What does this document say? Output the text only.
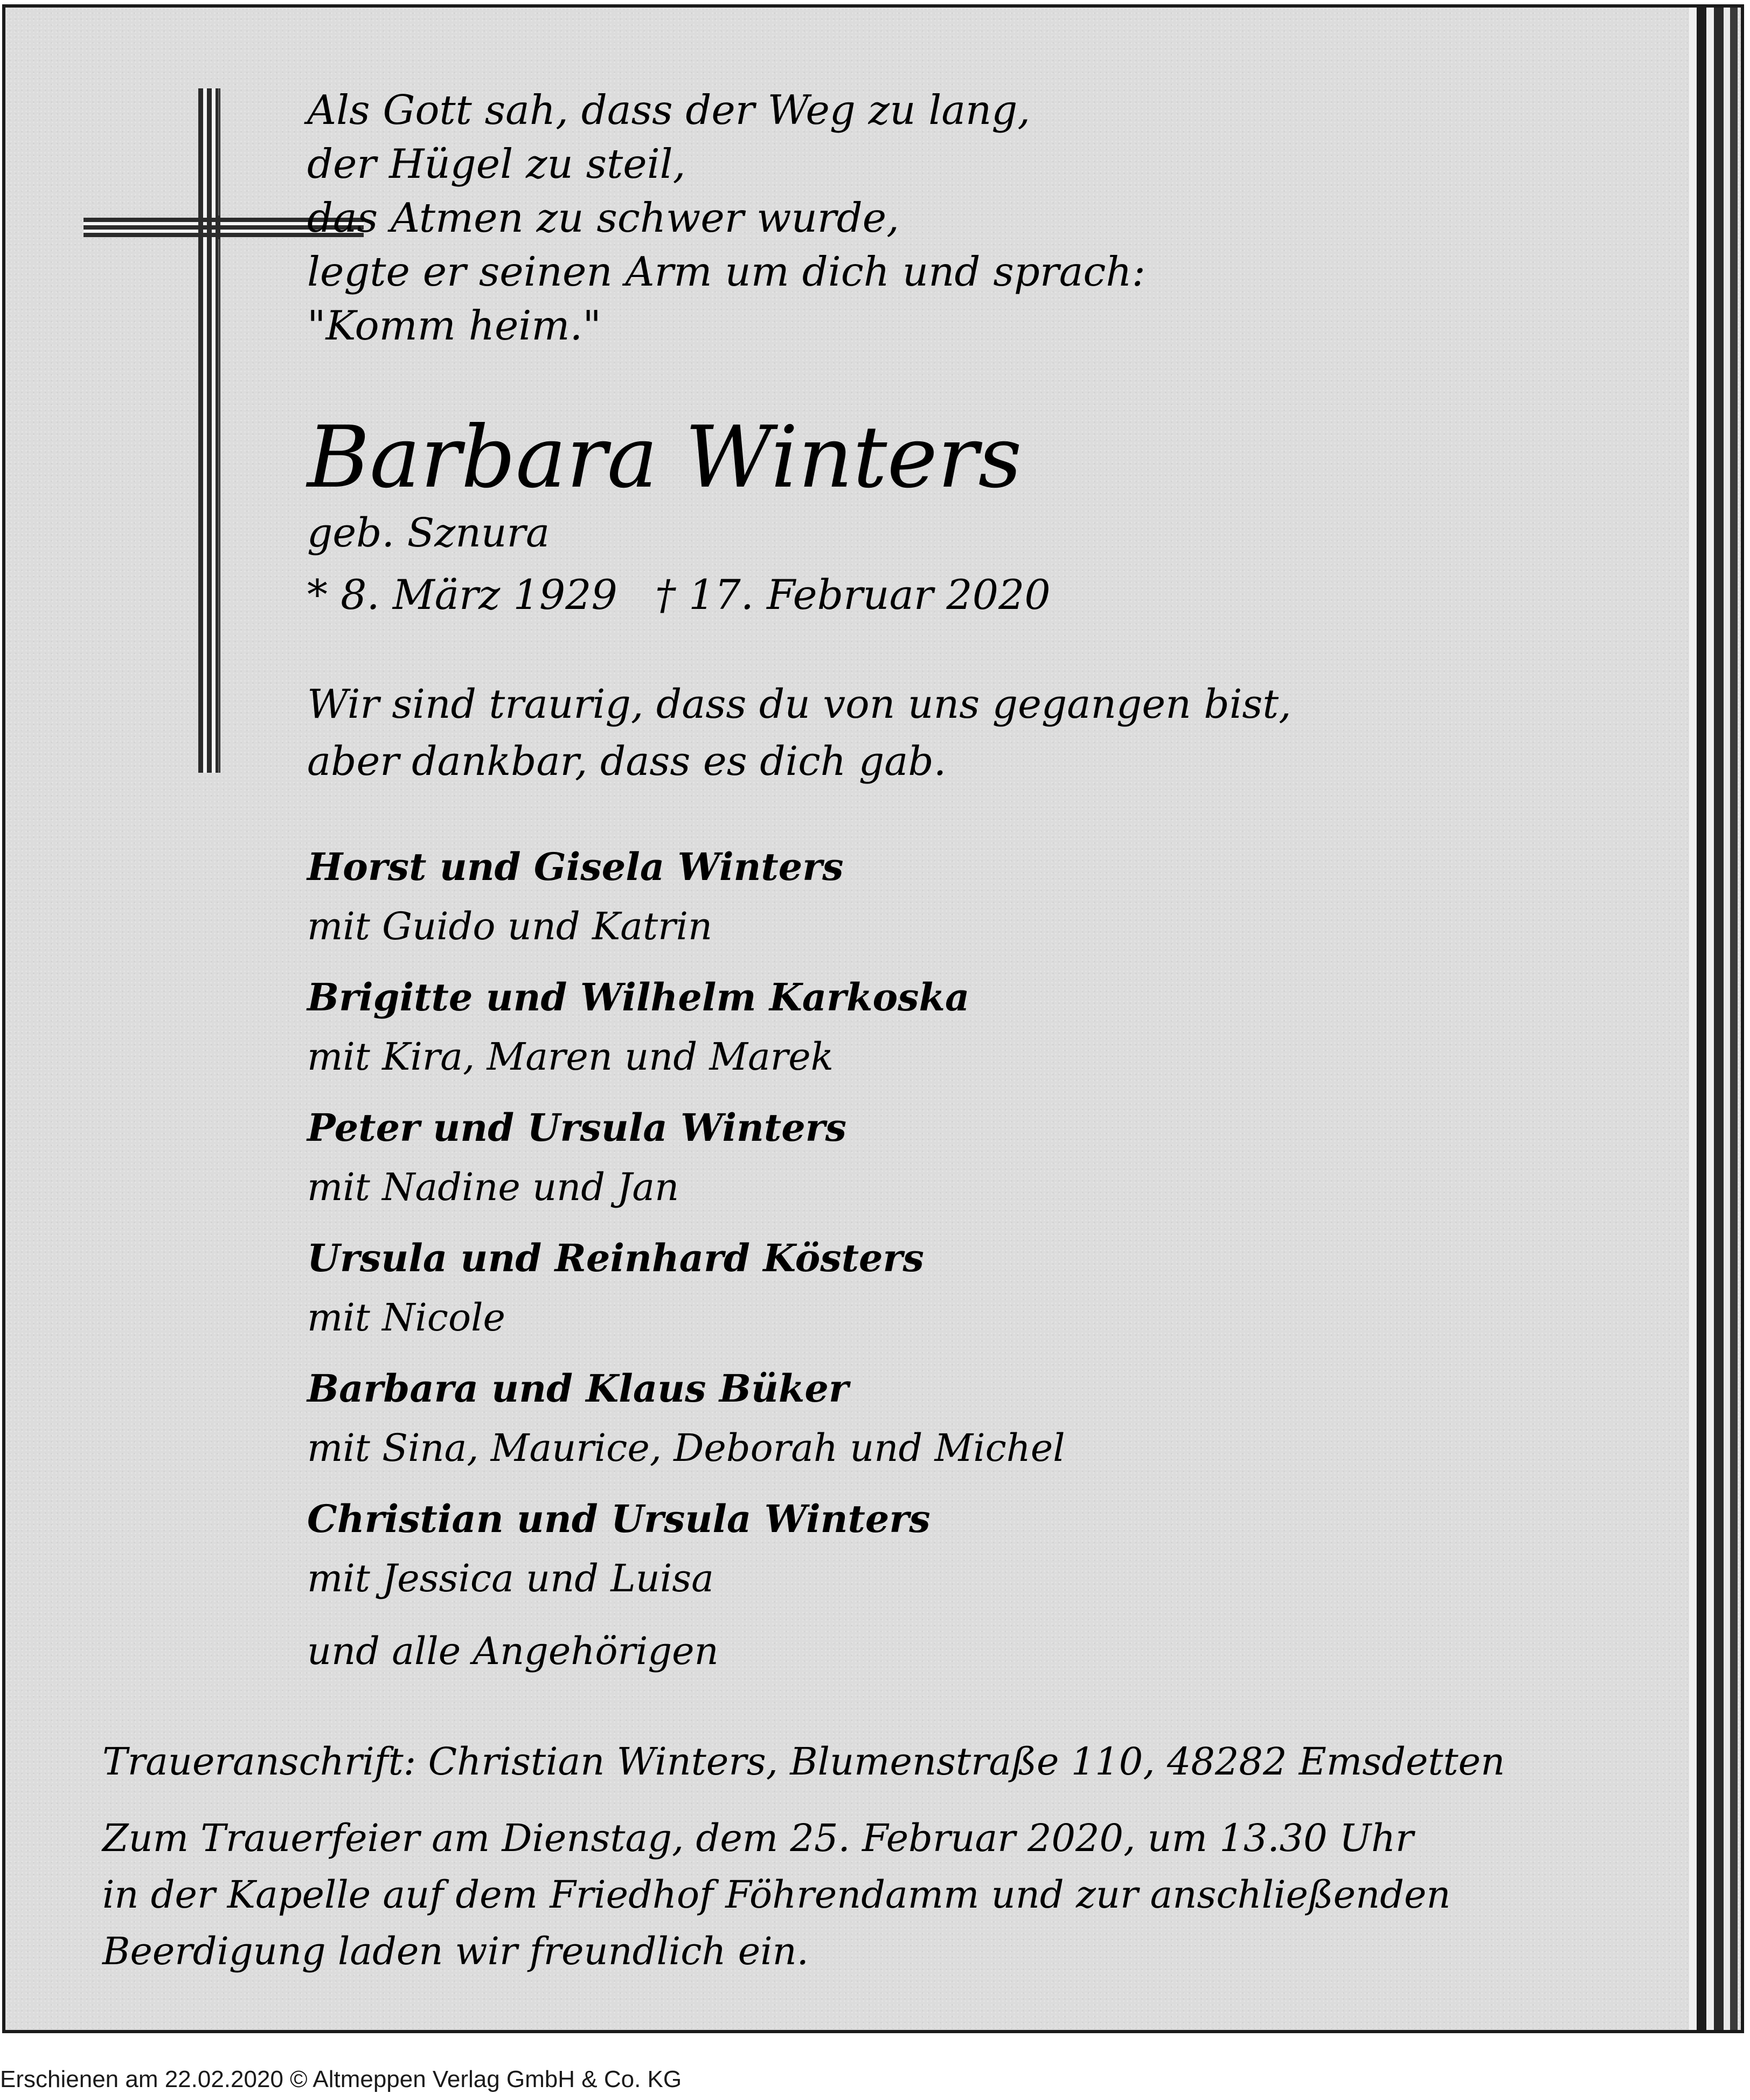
Als Gott sah, dass der Weg zu lang,
der Hügel zu steil,
das Atmen zu schwer wurde,
legte er seinen Arm um dich und sprach:
"Komm heim."
Barbara Winters
geb. Sznura
* 8. März 1929 † 17. Februar 2020
Wir sind traurig, dass du von uns gegangen bist,
aber dankbar, dass es dich gab.
Horst und Gisela Winters
mit Guido und Katrin
Brigitte und Wilhelm Karkoska
mit Kira, Maren und Marek
Peter und Ursula Winters
mit Nadine und Jan
Ursula und Reinhard Kösters
mit Nicole
Barbara und Klaus Büker
mit Sina, Maurice, Deborah und Michel
Christian und Ursula Winters
mit Jessica und Luisa
und alle Angehörigen
Traueranschrift: Christian Winters, Blumenstraße 110, 48282 Emsdetten
Zum Trauerfeier am Dienstag, dem 25. Februar 2020, um 13.30 Uhr
in der Kapelle auf dem Friedhof Föhrendamm und zur anschließenden
Beerdigung laden wir freundlich ein.
Erschienen am 22.02.2020 © Altmeppen Verlag GmbH & Co. KG
